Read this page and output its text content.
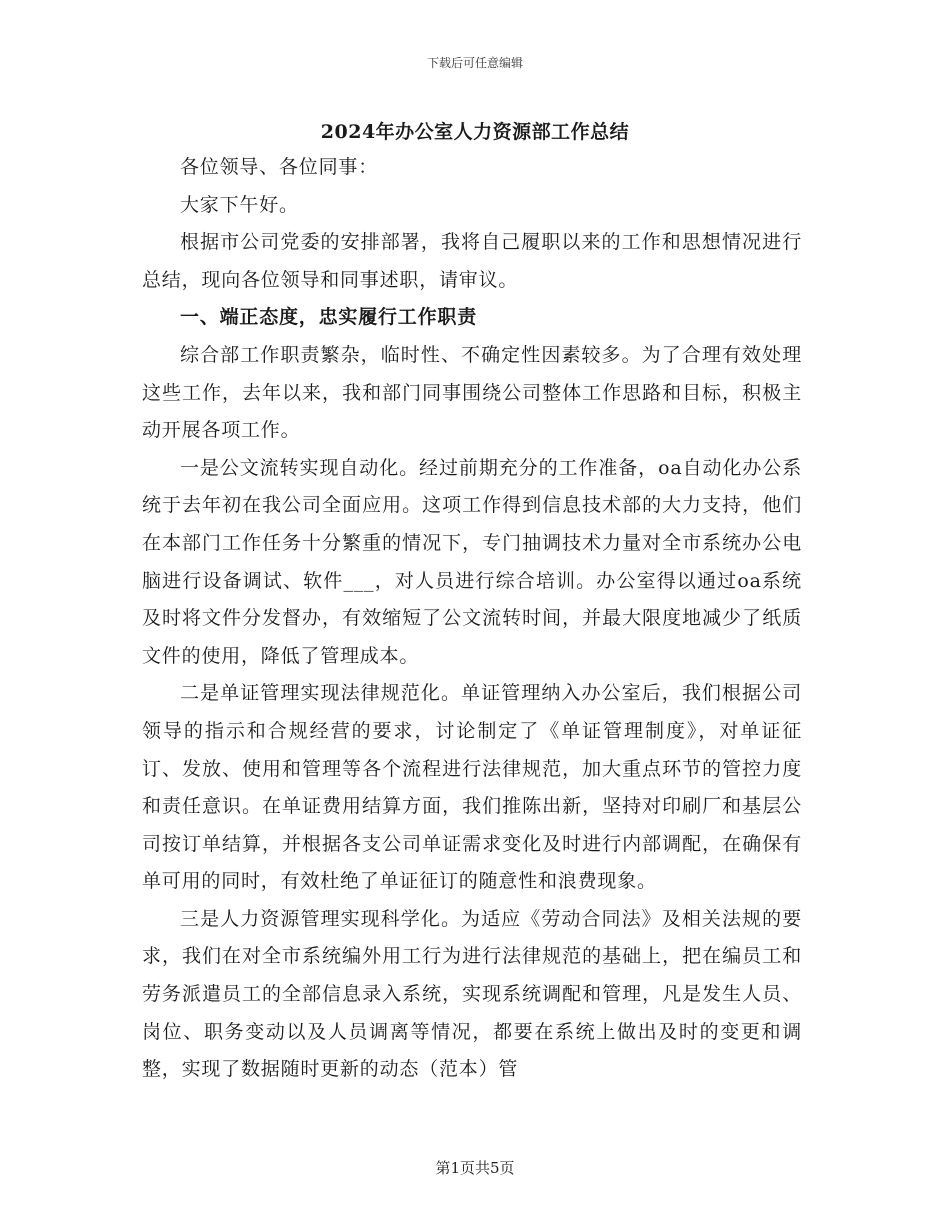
下载后可任意编辑
2024年办公室人力资源部工作总结

各位领导、各位同事：

大家下午好。

根据市公司党委的安排部署，我将自己履职以来的工作和思想情况进行总结，现向各位领导和同事述职，请审议。

一、端正态度，忠实履行工作职责

综合部工作职责繁杂，临时性、不确定性因素较多。为了合理有效处理这些工作，去年以来，我和部门同事围绕公司整体工作思路和目标，积极主动开展各项工作。

一是公文流转实现自动化。经过前期充分的工作准备，oa自动化办公系统于去年初在我公司全面应用。这项工作得到信息技术部的大力支持，他们在本部门工作任务十分繁重的情况下，专门抽调技术力量对全市系统办公电脑进行设备调试、软件___，对人员进行综合培训。办公室得以通过oa系统及时将文件分发督办，有效缩短了公文流转时间，并最大限度地减少了纸质文件的使用，降低了管理成本。

二是单证管理实现法律规范化。单证管理纳入办公室后，我们根据公司领导的指示和合规经营的要求，讨论制定了《单证管理制度》，对单证征订、发放、使用和管理等各个流程进行法律规范，加大重点环节的管控力度和责任意识。在单证费用结算方面，我们推陈出新，坚持对印刷厂和基层公司按订单结算，并根据各支公司单证需求变化及时进行内部调配，在确保有单可用的同时，有效杜绝了单证征订的随意性和浪费现象。

三是人力资源管理实现科学化。为适应《劳动合同法》及相关法规的要求，我们在对全市系统编外用工行为进行法律规范的基础上，把在编员工和劳务派遣员工的全部信息录入系统，实现系统调配和管理，凡是发生人员、岗位、职务变动以及人员调离等情况，都要在系统上做出及时的变更和调整，实现了数据随时更新的动态（范本）管

第1页共5页
